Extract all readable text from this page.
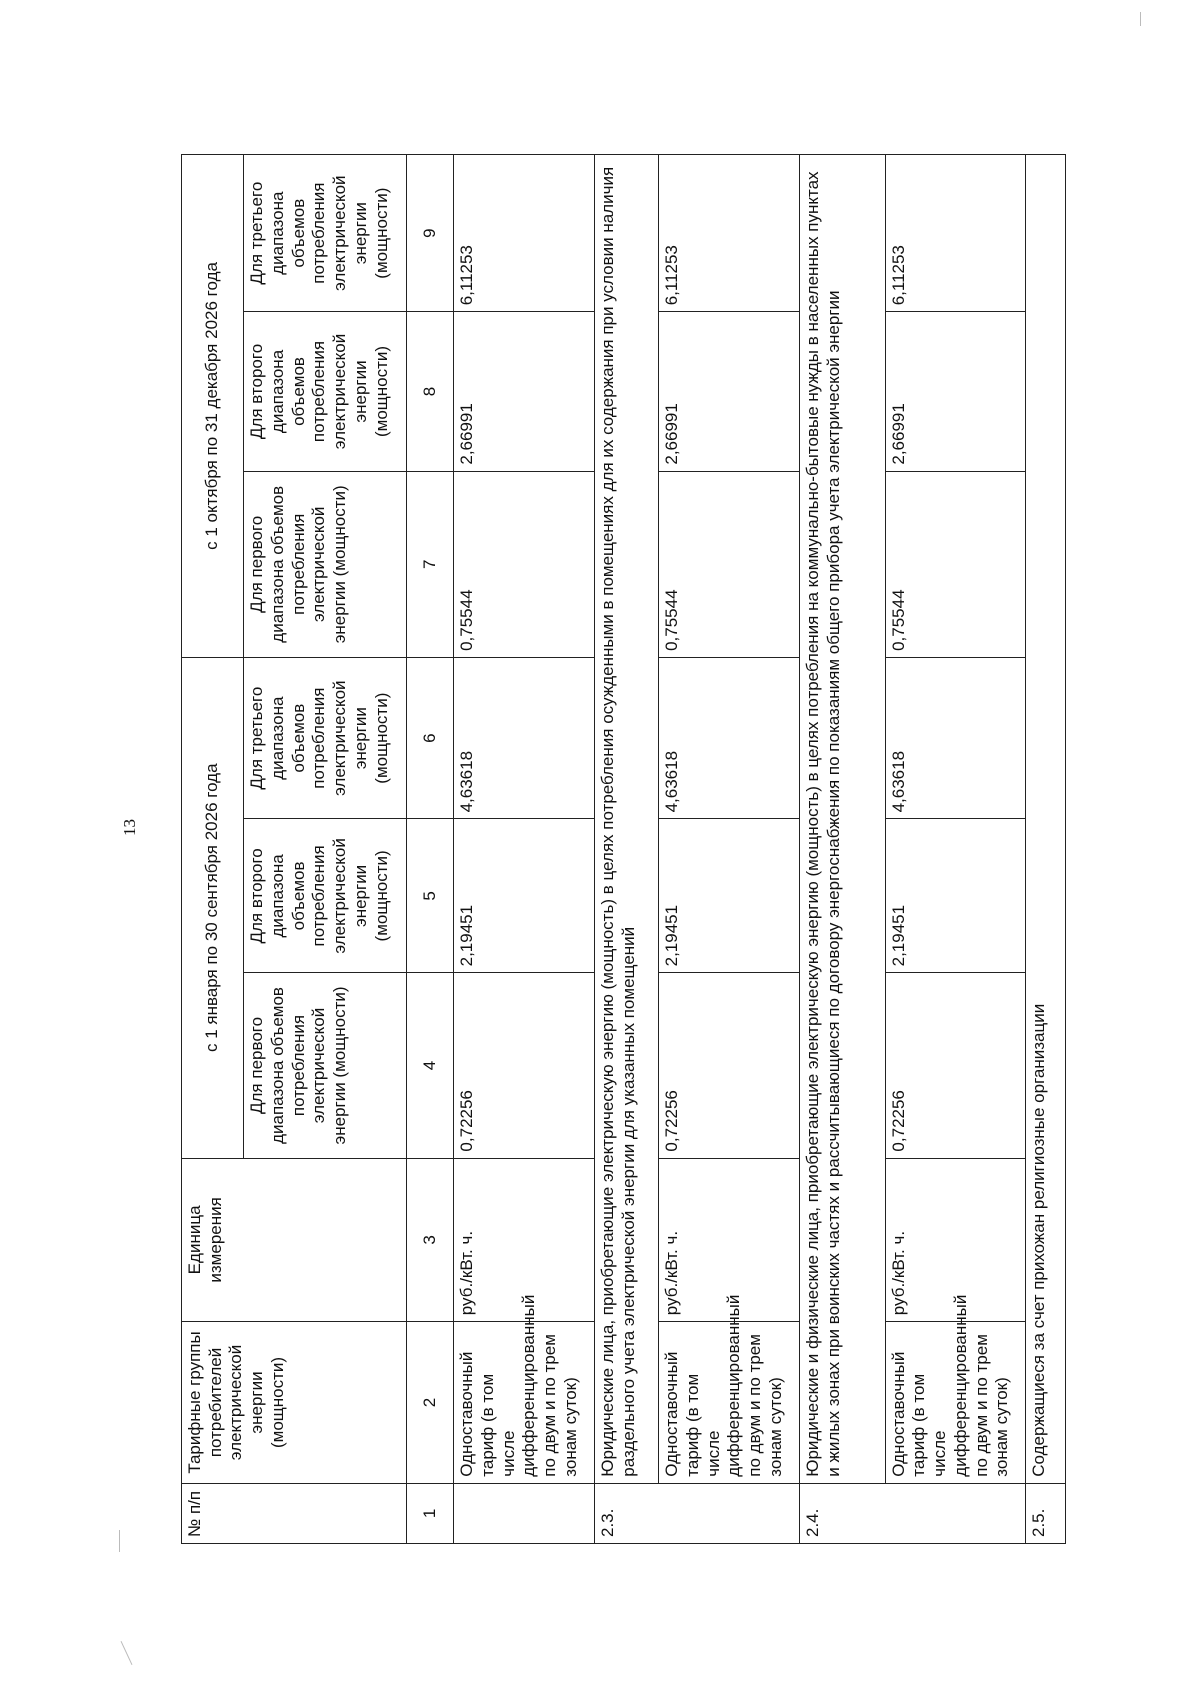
13
№ п/п	Тарифные группы потребителей электрической энергии (мощности)	Единица измерения	с 1 января по 30 сентября 2026 года			с 1 октября по 31 декабря 2026 года		
			Для первого диапазона объемов потребления электрической энергии (мощности)	Для второго диапазона объемов потребления электрической энергии (мощности)	Для третьего диапазона объемов потребления электрической энергии (мощности)	Для первого диапазона объемов потребления электрической энергии (мощности)	Для второго диапазона объемов потребления электрической энергии (мощности)	Для третьего диапазона объемов потребления электрической энергии (мощности)
1	2	3	4	5	6	7	8	9
	Одноставочный тариф (в том числе дифференцированный по двум и по трем зонам суток)	руб./кВт. ч.	0,72256	2,19451	4,63618	0,75544	2,66991	6,11253
2.3.	Юридические лица, приобретающие электрическую энергию (мощность) в целях потребления осужденными в помещениях для их содержания при условии наличия раздельного учета электрической энергии для указанных помещений							
	Одноставочный тариф (в том числе дифференцированный по двум и по трем зонам суток)	руб./кВт. ч.	0,72256	2,19451	4,63618	0,75544	2,66991	6,11253
2.4.	Юридические и физические лица, приобретающие электрическую энергию (мощность) в целях потребления на коммунально-бытовые нужды в населенных пунктах и жилых зонах при воинских частях и рассчитывающиеся по договору энергоснабжения по показаниям общего прибора учета электрической энергии							
	Одноставочный тариф (в том числе дифференцированный по двум и по трем зонам суток)	руб./кВт. ч.	0,72256	2,19451	4,63618	0,75544	2,66991	6,11253
2.5.	Содержащиеся за счет прихожан религиозные организации							
